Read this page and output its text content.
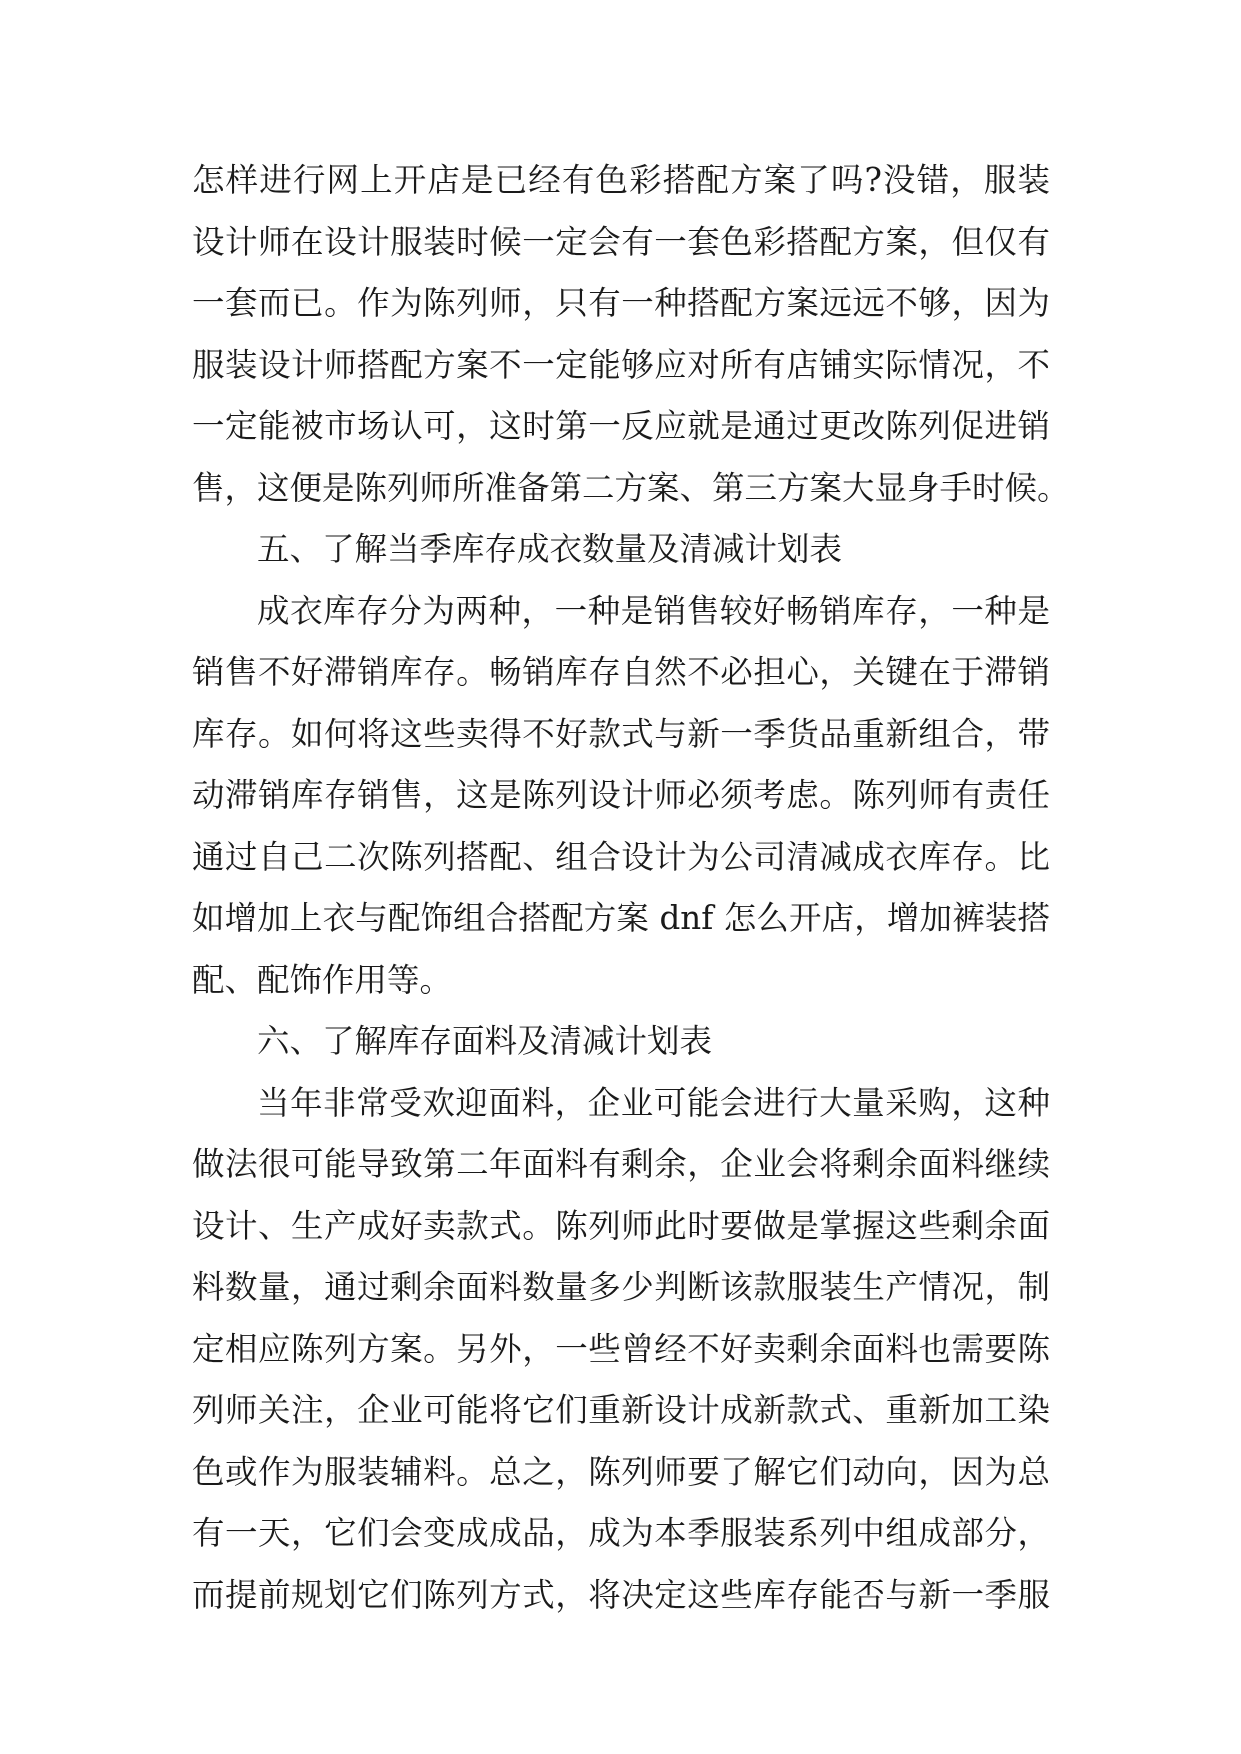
怎样进行网上开店是已经有色彩搭配方案了吗?没错，服装
设计师在设计服装时候一定会有一套色彩搭配方案，但仅有
一套而已。作为陈列师，只有一种搭配方案远远不够，因为
服装设计师搭配方案不一定能够应对所有店铺实际情况，不
一定能被市场认可，这时第一反应就是通过更改陈列促进销
售，这便是陈列师所准备第二方案、第三方案大显身手时候。
五、了解当季库存成衣数量及清减计划表
成衣库存分为两种，一种是销售较好畅销库存，一种是
销售不好滞销库存。畅销库存自然不必担心，关键在于滞销
库存。如何将这些卖得不好款式与新一季货品重新组合，带
动滞销库存销售，这是陈列设计师必须考虑。陈列师有责任
通过自己二次陈列搭配、组合设计为公司清减成衣库存。比
如增加上衣与配饰组合搭配方案 dnf 怎么开店，增加裤装搭
配、配饰作用等。
六、了解库存面料及清减计划表
当年非常受欢迎面料，企业可能会进行大量采购，这种
做法很可能导致第二年面料有剩余，企业会将剩余面料继续
设计、生产成好卖款式。陈列师此时要做是掌握这些剩余面
料数量，通过剩余面料数量多少判断该款服装生产情况，制
定相应陈列方案。另外，一些曾经不好卖剩余面料也需要陈
列师关注，企业可能将它们重新设计成新款式、重新加工染
色或作为服装辅料。总之，陈列师要了解它们动向，因为总
有一天，它们会变成成品，成为本季服装系列中组成部分，
而提前规划它们陈列方式，将决定这些库存能否与新一季服
